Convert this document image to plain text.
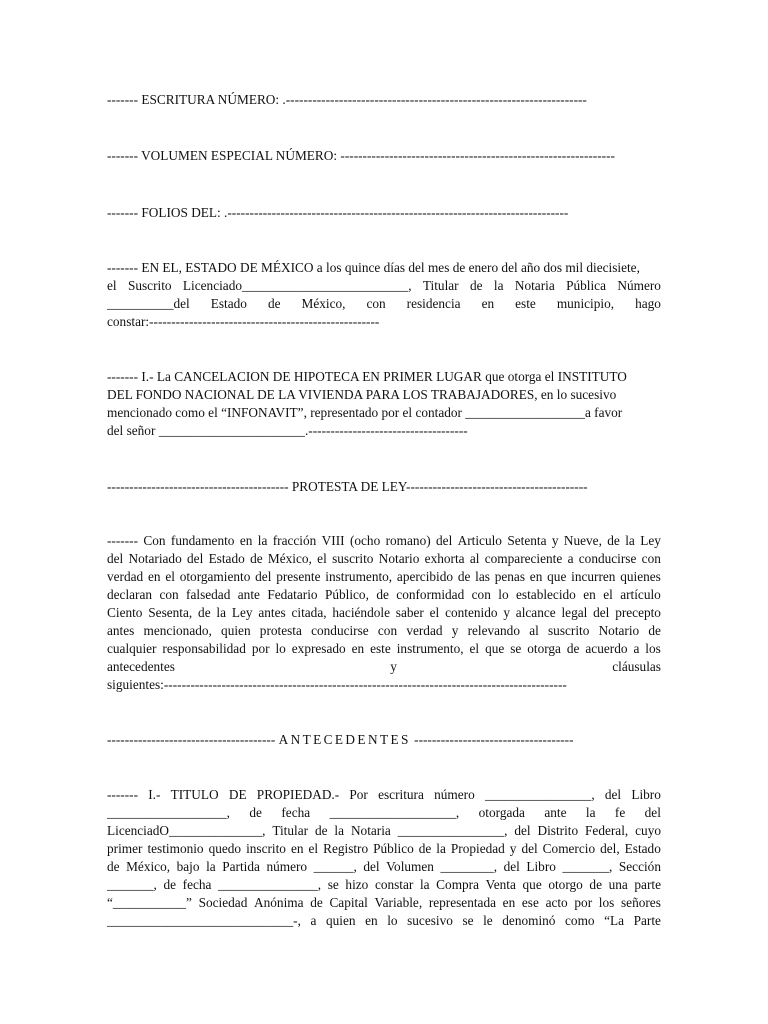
------- ESCRITURA NÚMERO: .--------------------------------------------------------------------
------- VOLUMEN ESPECIAL NÚMERO: --------------------------------------------------------------
------- FOLIOS DEL: .-----------------------------------------------------------------------------
------- EN EL, ESTADO DE MÉXICO a los quince días del mes de enero del año dos mil diecisiete,
el Suscrito Licenciado_________________________, Titular de la Notaria Pública Número
__________del Estado de México, con residencia en este municipio, hago
constar:----------------------------------------------------
------- I.- La CANCELACION DE HIPOTECA EN PRIMER LUGAR que otorga el INSTITUTO
DEL FONDO NACIONAL DE LA VIVIENDA PARA LOS TRABAJADORES, en lo sucesivo
mencionado como el “INFONAVIT”, representado por el contador __________________a favor
del señor ______________________.------------------------------------
----------------------------------------- PROTESTA DE LEY-----------------------------------------
------- Con fundamento en la fracción VIII (ocho romano) del Articulo Setenta y Nueve, de la Ley
del Notariado del Estado de México, el suscrito Notario exhorta al compareciente a conducirse con
verdad en el otorgamiento del presente instrumento, apercibido de las penas en que incurren quienes
declaran con falsedad ante Fedatario Público, de conformidad con lo establecido en el artículo
Ciento Sesenta, de la Ley antes citada, haciéndole saber el contenido y alcance legal del precepto
antes mencionado, quien protesta conducirse con verdad y relevando al suscrito Notario de
cualquier responsabilidad por lo expresado en este instrumento, el que se otorga de acuerdo a los
antecedentes	y	cláusulas
siguientes:-------------------------------------------------------------------------------------------
-------------------------------------- ANTECEDENTES ------------------------------------
------- I.- TITULO DE PROPIEDAD.- Por escritura número ________________, del Libro
__________________, de fecha ___________________, otorgada ante la fe del
LicenciadO______________, Titular de la Notaria ________________, del Distrito Federal, cuyo
primer testimonio quedo inscrito en el Registro Público de la Propiedad y del Comercio del, Estado
de México, bajo la Partida número ______, del Volumen ________, del Libro _______, Sección
_______, de fecha _______________, se hizo constar la Compra Venta que otorgo de una parte
“___________” Sociedad Anónima de Capital Variable, representada en ese acto por los señores
____________________________-, a quien en lo sucesivo se le denominó como “La Parte
